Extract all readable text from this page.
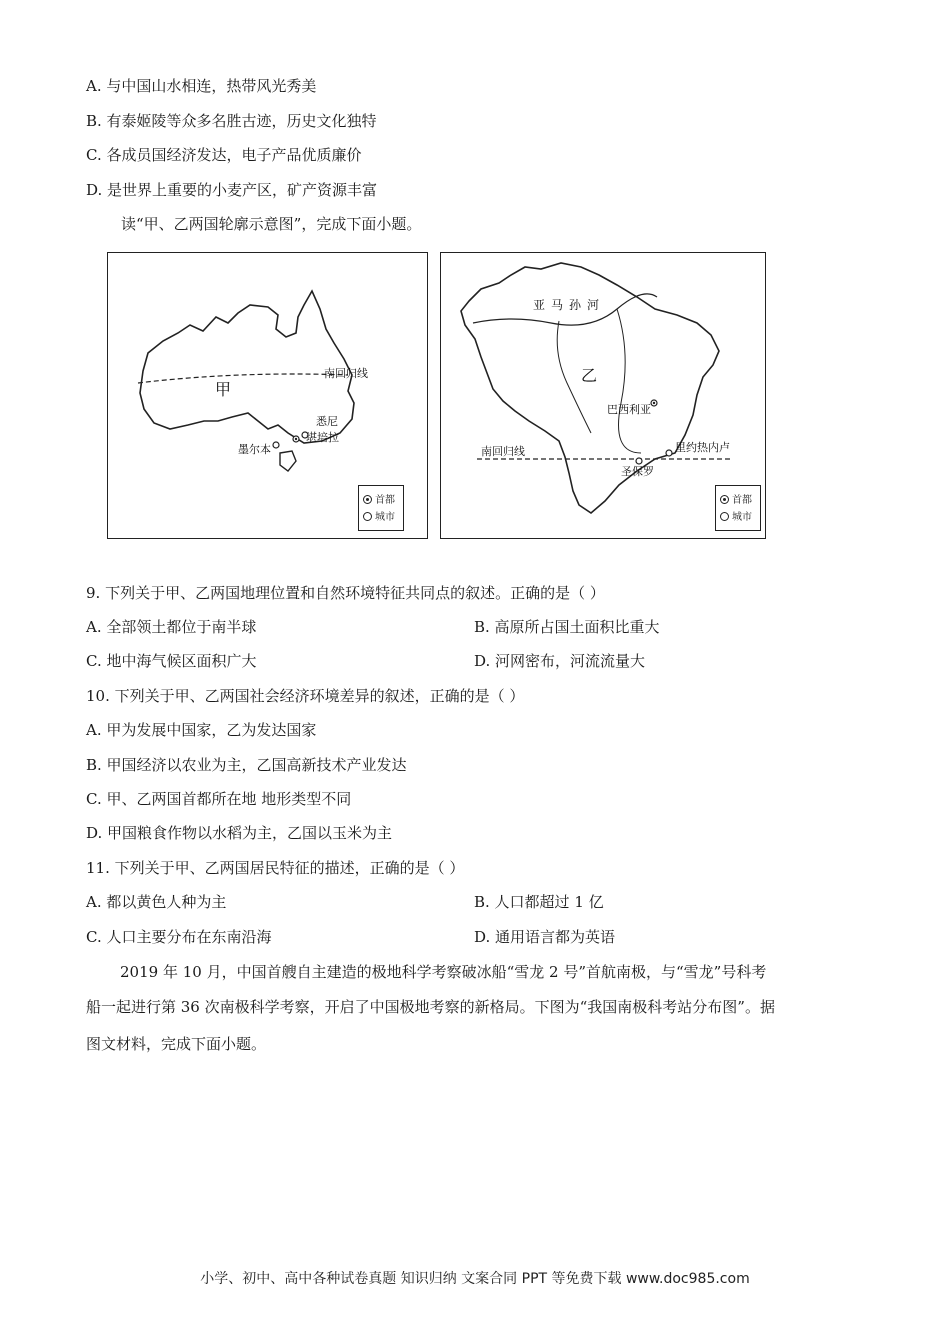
A. 与中国山水相连，热带风光秀美
B. 有泰姬陵等众多名胜古迹，历史文化独特
C. 各成员国经济发达，电子产品优质廉价
D. 是世界上重要的小麦产区，矿产资源丰富
读“甲、乙两国轮廓示意图”，完成下面小题。
甲
南回归线
悉尼
堪培拉
墨尔本
首都
城市
亚马孙河
乙
巴西利亚
里约热内卢
圣保罗
南回归线
首都
城市
9. 下列关于甲、乙两国地理位置和自然环境特征共同点的叙述。正确的是（ ）
A. 全部领土都位于南半球	B. 高原所占国土面积比重大
C. 地中海气候区面积广大	D. 河网密布，河流流量大
10. 下列关于甲、乙两国社会经济环境差异的叙述，正确的是（ ）
A. 甲为发展中国家，乙为发达国家
B. 甲国经济以农业为主，乙国高新技术产业发达
C. 甲、乙两国首都所在地 地形类型不同
D. 甲国粮食作物以水稻为主，乙国以玉米为主
11. 下列关于甲、乙两国居民特征的描述，正确的是（ ）
A. 都以黄色人种为主	B. 人口都超过 1 亿
C. 人口主要分布在东南沿海	D. 通用语言都为英语
2019 年 10 月，中国首艘自主建造的极地科学考察破冰船“雪龙 2 号”首航南极，与“雪龙”号科考
船一起进行第 36 次南极科学考察，开启了中国极地考察的新格局。下图为“我国南极科考站分布图”。据
图文材料，完成下面小题。
小学、初中、高中各种试卷真题 知识归纳 文案合同 PPT 等免费下载 www.doc985.com
